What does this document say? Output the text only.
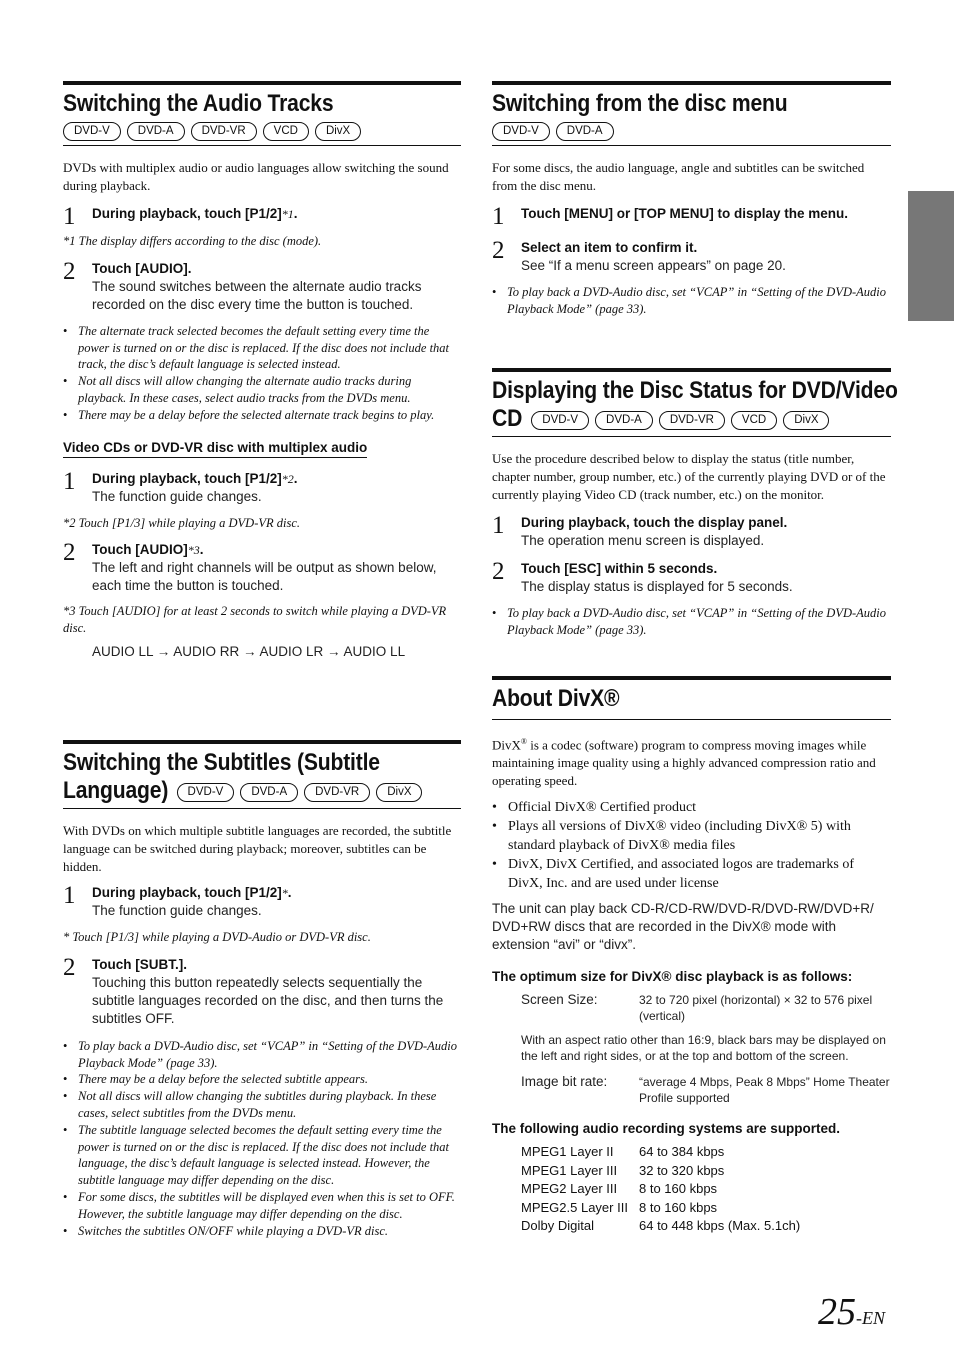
Switching the Audio Tracks
DVD-V	DVD-A	DVD-VR	VCD	DivX

DVDs with multiplex audio or audio languages allow switching the sound during playback.

1	During playback, touch [P1/2]*1.

*1 The display differs according to the disc (mode).

2	Touch [AUDIO].
The sound switches between the alternate audio tracks recorded on the disc every time the button is touched.
• The alternate track selected becomes the default setting every time the power is turned on or the disc is replaced. If the disc does not include that track, the disc’s default language is selected instead.
• Not all discs will allow changing the alternate audio tracks during playback. In these cases, select audio tracks from the DVDs menu.
• There may be a delay before the selected alternate track begins to play.
Video CDs or DVD-VR disc with multiplex audio
1	During playback, touch [P1/2]*2.
The function guide changes.

*2 Touch [P1/3] while playing a DVD-VR disc.

2	Touch [AUDIO]*3.
The left and right channels will be output as shown below, each time the button is touched.

*3 Touch [AUDIO] for at least 2 seconds to switch while playing a DVD-VR disc.

AUDIO LL → AUDIO RR → AUDIO LR → AUDIO LL
Switching the Subtitles (Subtitle
Language)	DVD-V	DVD-A	DVD-VR	DivX

With DVDs on which multiple subtitle languages are recorded, the subtitle language can be switched during playback; moreover, subtitles can be hidden.

1	During playback, touch [P1/2]*.
The function guide changes.

* Touch [P1/3] while playing a DVD-Audio or DVD-VR disc.

2	Touch [SUBT.].
Touching this button repeatedly selects sequentially the subtitle languages recorded on the disc, and then turns the subtitles OFF.
• To play back a DVD-Audio disc, set “VCAP” in “Setting of the DVD-Audio Playback Mode” (page 33).
• There may be a delay before the selected subtitle appears.
• Not all discs will allow changing the subtitles during playback. In these cases, select subtitles from the DVDs menu.
• The subtitle language selected becomes the default setting every time the power is turned on or the disc is replaced. If the disc does not include that language, the disc’s default language is selected instead. However, the subtitle language may differ depending on the disc.
• For some discs, the subtitles will be displayed even when this is set to OFF. However, the subtitle language may differ depending on the disc.
• Switches the subtitles ON/OFF while playing a DVD-VR disc.
Switching from the disc menu
DVD-V	DVD-A

For some discs, the audio language, angle and subtitles can be switched from the disc menu.

1	Touch [MENU] or [TOP MENU] to display the menu.
2	Select an item to confirm it.
See “If a menu screen appears” on page 20.
• To play back a DVD-Audio disc, set “VCAP” in “Setting of the DVD-Audio Playback Mode” (page 33).
Displaying the Disc Status for DVD/Video
CD	DVD-V	DVD-A	DVD-VR	VCD	DivX

Use the procedure described below to display the status (title number, chapter number, group number, etc.) of the currently playing DVD or of the currently playing Video CD (track number, etc.) on the monitor.

1	During playback, touch the display panel.
The operation menu screen is displayed.
2	Touch [ESC] within 5 seconds.
The display status is displayed for 5 seconds.
• To play back a DVD-Audio disc, set “VCAP” in “Setting of the DVD-Audio Playback Mode” (page 33).
About DivX®

DivX® is a codec (software) program to compress moving images while maintaining image quality using a highly advanced compression ratio and operating speed.

• Official DivX® Certified product
• Plays all versions of DivX® video (including DivX® 5) with standard playback of DivX® media files
• DivX, DivX Certified, and associated logos are trademarks of DivX, Inc. and are used under license
The unit can play back CD-R/CD-RW/DVD-R/DVD-RW/DVD+R/ DVD+RW discs that are recorded in the DivX® mode with extension “avi” or “divx”.
The optimum size for DivX® disc playback is as follows:
Screen Size:	32 to 720 pixel (horizontal) × 32 to 576 pixel (vertical)
With an aspect ratio other than 16:9, black bars may be displayed on the left and right sides, or at the top and bottom of the screen.
Image bit rate:	“average 4 Mbps, Peak 8 Mbps” Home Theater Profile supported
The following audio recording systems are supported.
MPEG1 Layer II	64 to 384 kbps
MPEG1 Layer III	32 to 320 kbps
MPEG2 Layer III	8 to 160 kbps
MPEG2.5 Layer III 8 to 160 kbps
Dolby Digital	64 to 448 kbps (Max. 5.1ch)
25-EN
